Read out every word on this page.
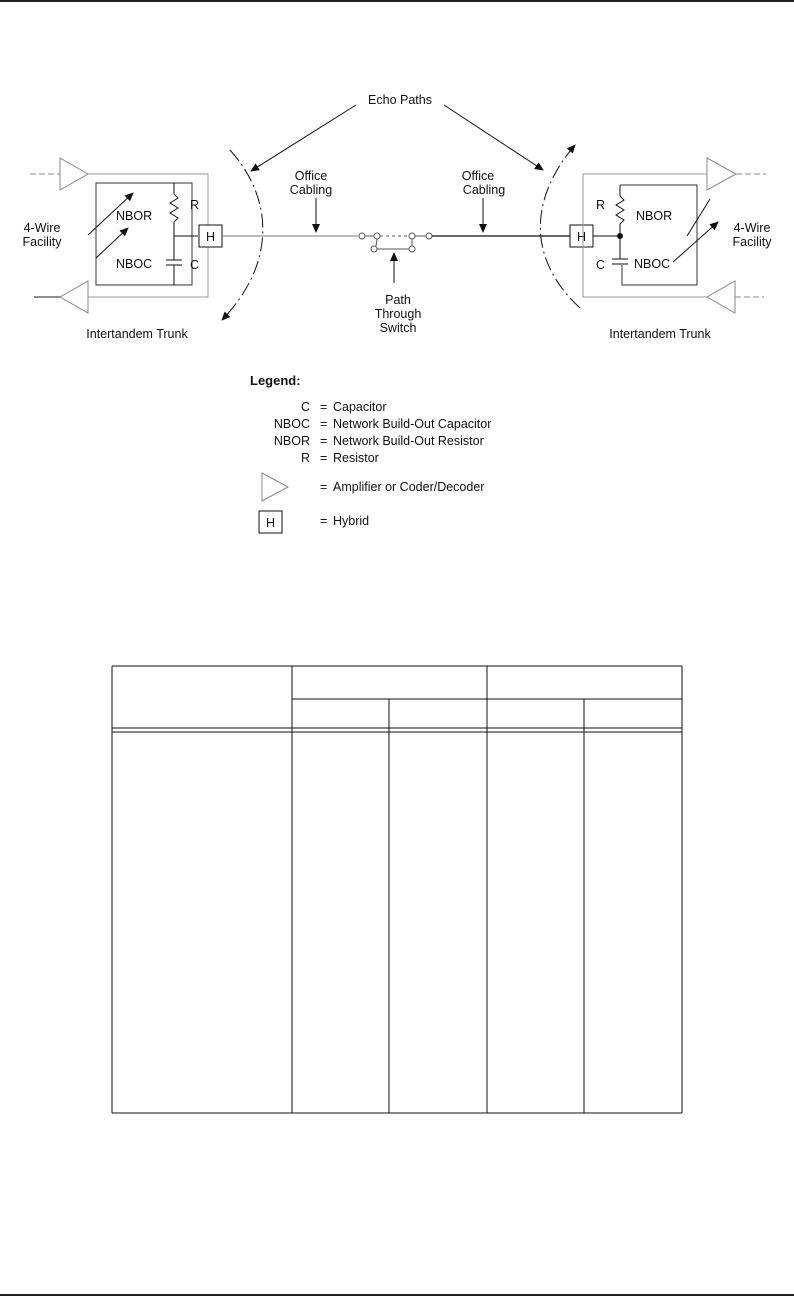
Echo Paths
NBOR
NBOC
R
C
4-Wire
Facility	H
Intertandem Trunk
Office
Cabling
Path
Through
Switch
Office
Cabling
H
NBOR
NBOC
R
C
4-Wire
Facility
Intertandem Trunk
Legend:
C = Capacitor
NBOC = Network Build-Out Capacitor
NBOR = Network Build-Out Resistor
R = Resistor
= Amplifier or Coder/Decoder
H	= Hybrid
